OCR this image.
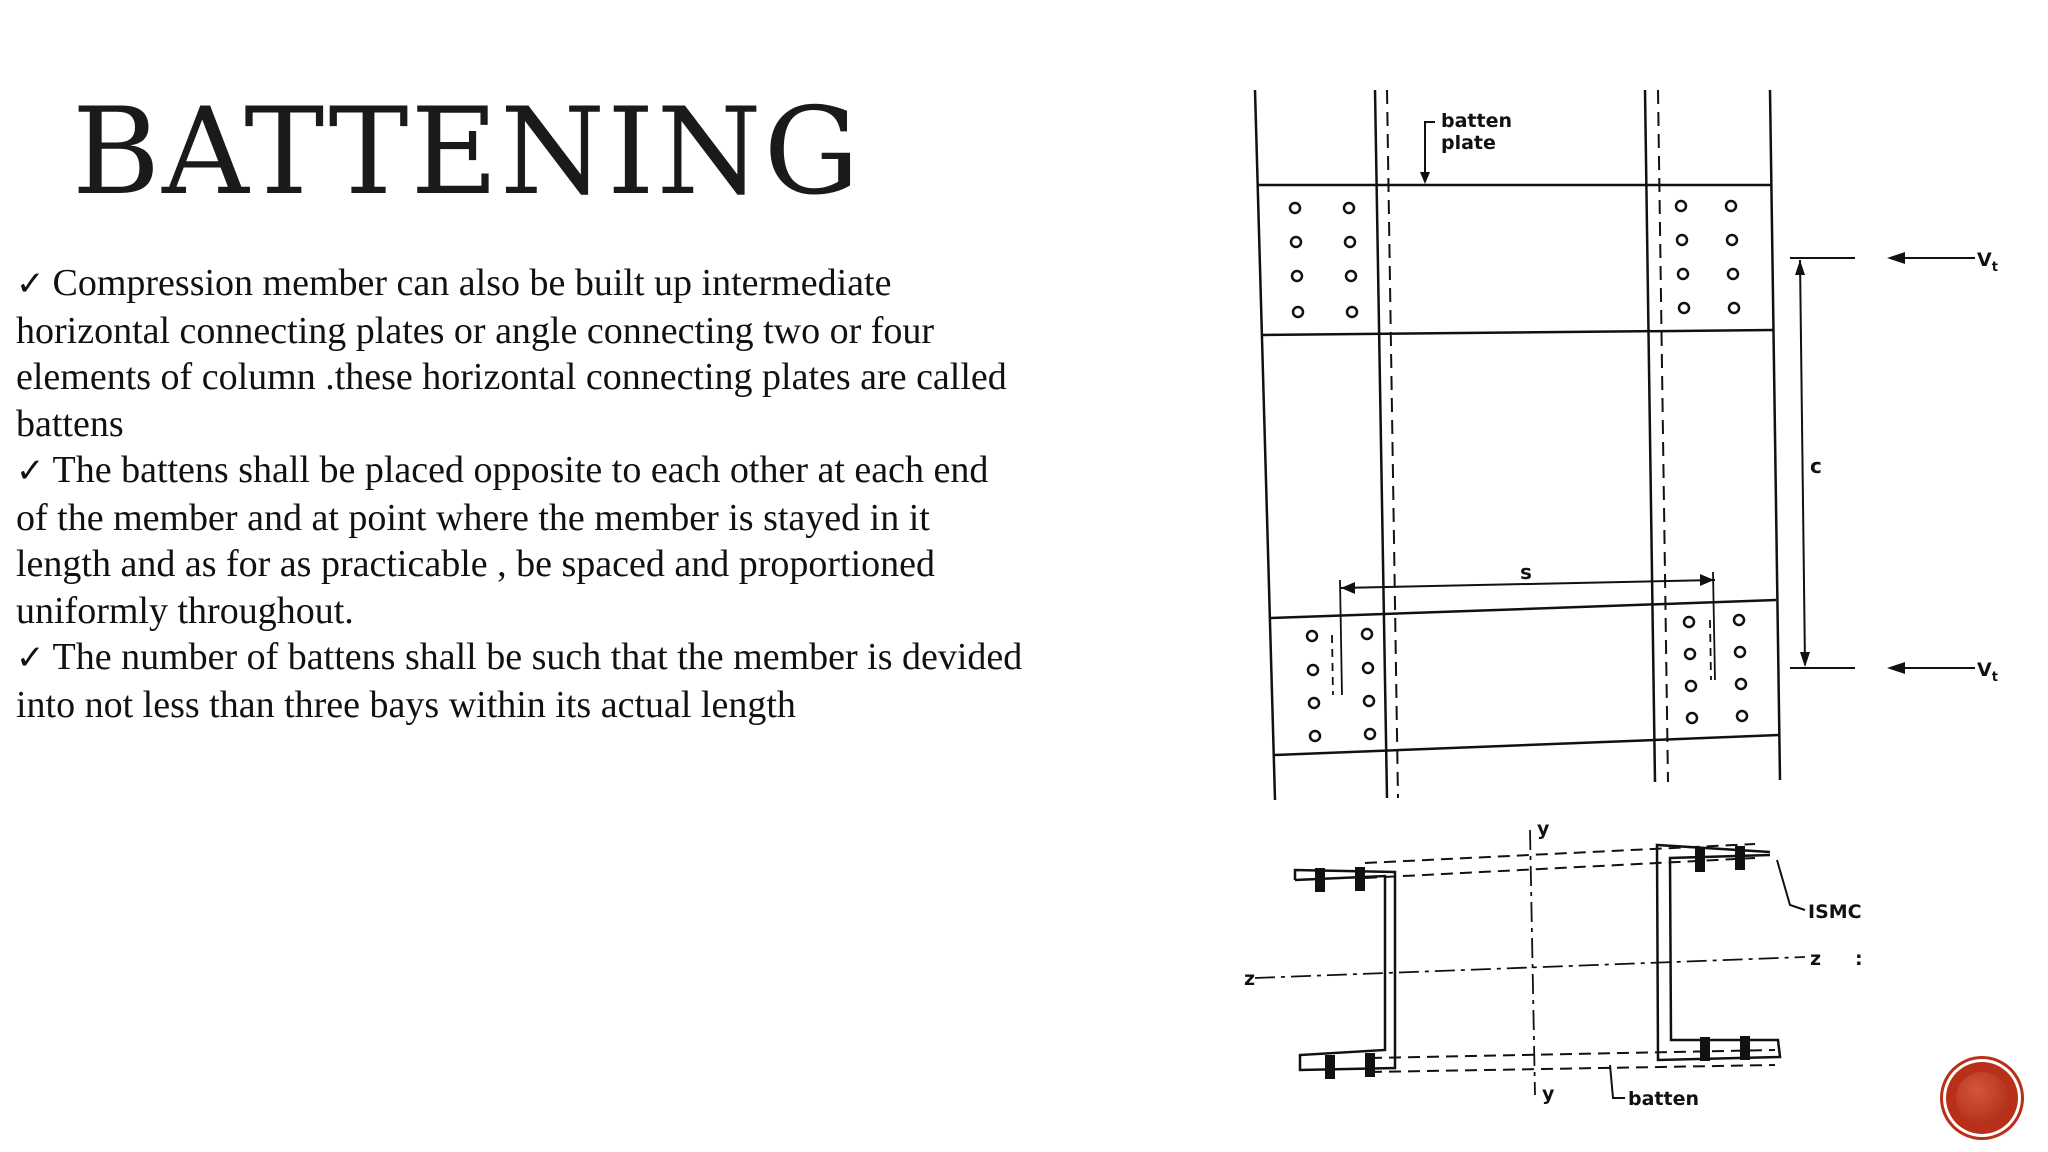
BATTENING
✓ Compression member can also be built up intermediate
horizontal connecting plates or angle connecting two or four
elements of column .these horizontal connecting plates are called
battens
✓ The battens shall be placed opposite to each other at each end
of the member and at point where the member is stayed in it
length and as for as practicable , be spaced and proportioned
uniformly throughout.
✓ The number of battens shall be such that the member is devided
into not less than three bays within its actual length
batten
plate
$V_t$
$V_t$
c
s
y
y
z
z :
ISMC
batten
